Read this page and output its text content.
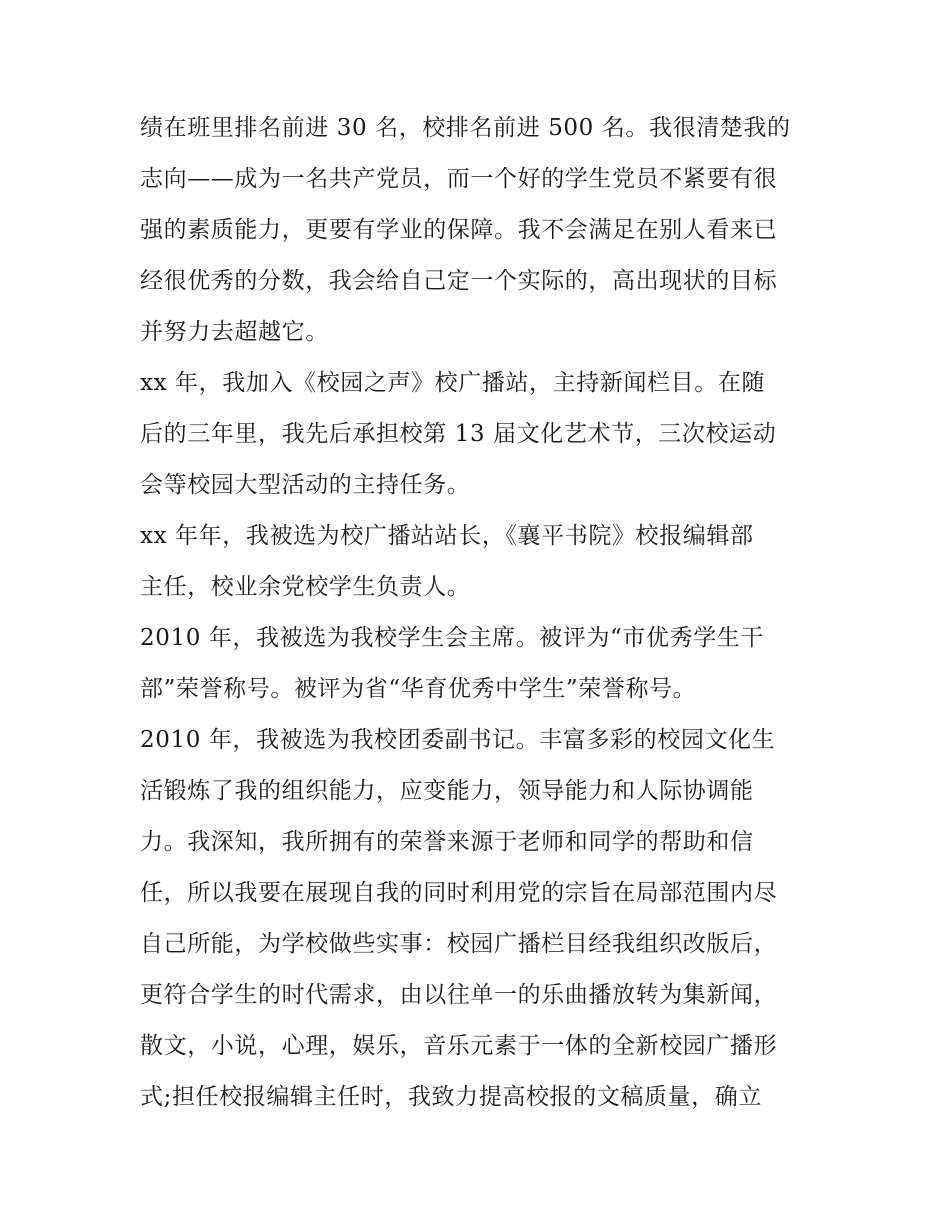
绩在班里排名前进 30 名，校排名前进 500 名。我很清楚我的
志向——成为一名共产党员，而一个好的学生党员不紧要有很
强的素质能力，更要有学业的保障。我不会满足在别人看来已
经很优秀的分数，我会给自己定一个实际的，高出现状的目标
并努力去超越它。
xx 年，我加入《校园之声》校广播站，主持新闻栏目。在随
后的三年里，我先后承担校第 13 届文化艺术节，三次校运动
会等校园大型活动的主持任务。
xx 年年，我被选为校广播站站长，《襄平书院》校报编辑部
主任，校业余党校学生负责人。
2010 年，我被选为我校学生会主席。被评为“市优秀学生干
部”荣誉称号。被评为省“华育优秀中学生”荣誉称号。
2010 年，我被选为我校团委副书记。丰富多彩的校园文化生
活锻炼了我的组织能力，应变能力，领导能力和人际协调能
力。我深知，我所拥有的荣誉来源于老师和同学的帮助和信
任，所以我要在展现自我的同时利用党的宗旨在局部范围内尽
自己所能，为学校做些实事：校园广播栏目经我组织改版后，
更符合学生的时代需求，由以往单一的乐曲播放转为集新闻，
散文，小说，心理，娱乐，音乐元素于一体的全新校园广播形
式;担任校报编辑主任时，我致力提高校报的文稿质量，确立
